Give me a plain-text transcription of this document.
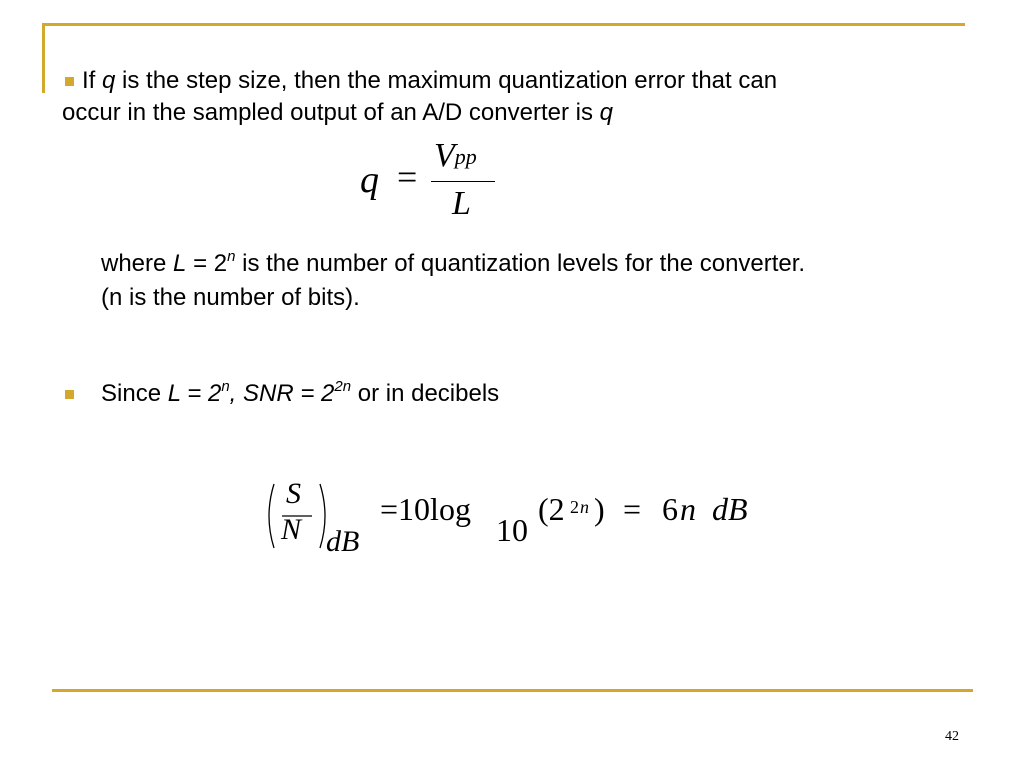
If q is the step size, then the maximum quantization error that can
occur in the sampled output of an A/D converter is q
q =
Vpp
L
where $L = 2^n$ is the number of quantization levels for the converter.
(n is the number of bits).
Since $L = 2^n$, SNR = $2^{2n}$ or in decibels
S
N dB
=10log
10
(2 2 n ) = 6 n dB
42
